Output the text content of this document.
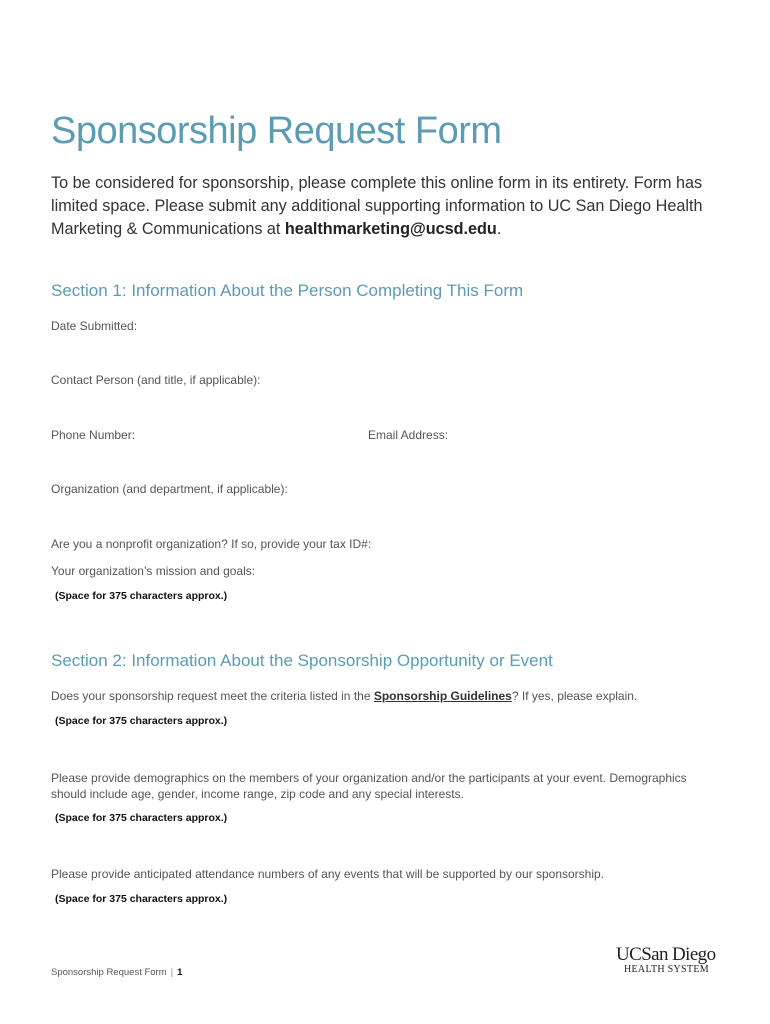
Sponsorship Request Form
To be considered for sponsorship, please complete this online form in its entirety. Form has limited space. Please submit any additional supporting information to UC San Diego Health Marketing & Communications at healthmarketing@ucsd.edu.
Section 1: Information About the Person Completing This Form
Date Submitted:
Contact Person (and title, if applicable):
Phone Number:	Email Address:
Organization (and department, if applicable):
Are you a nonprofit organization? If so, provide your tax ID#:
Your organization’s mission and goals:
(Space for 375 characters approx.)
Section 2: Information About the Sponsorship Opportunity or Event
Does your sponsorship request meet the criteria listed in the Sponsorship Guidelines? If yes, please explain.
(Space for 375 characters approx.)
Please provide demographics on the members of your organization and/or the participants at your event. Demographics should include age, gender, income range, zip code and any special interests.
(Space for 375 characters approx.)
Please provide anticipated attendance numbers of any events that will be supported by our sponsorship.
(Space for 375 characters approx.)
Sponsorship Request Form | 1
UCSan Diego
HEALTH SYSTEM
